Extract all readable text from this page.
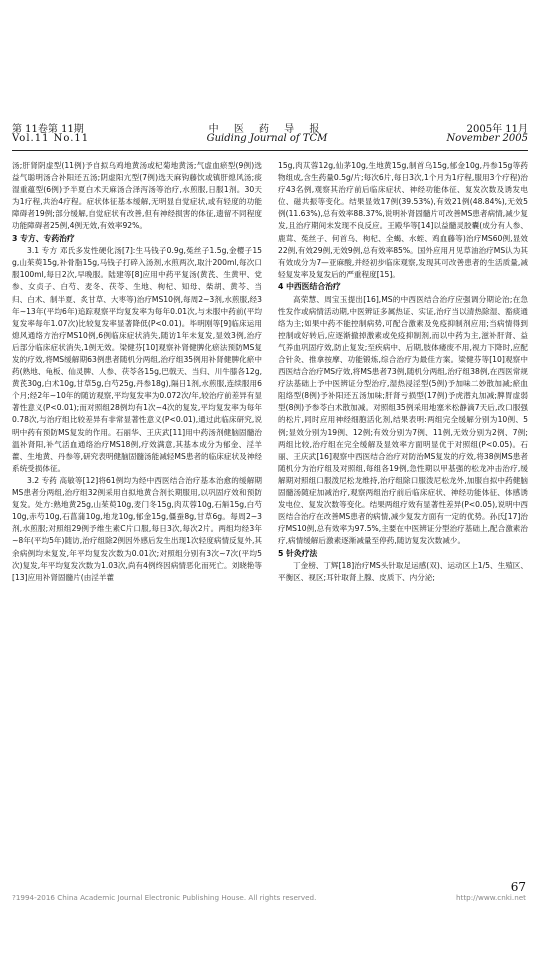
第 11卷第 11期
Vol.11 No.11
中 医 药 导 报
Guiding Journal of TCM
2005年 11月
November 2005

汤;肝肾阴虚型(11例)予自拟乌鸡地黄汤或杞菊地黄汤;气虚血瘀型(9例)选益气聪明汤合补阳还五汤;阴虚阳亢型(7例)选天麻钩藤饮或镇肝熄风汤;痰湿重蕴型(6例)予半夏白术天麻汤合泽泻汤等治疗,水煎服,日服1剂。30天为1疗程,共治4疗程。症状体征基本缓解,无明显自觉症状,或有轻度的功能障碍者19例;部分缓解,自觉症状有改善,但有神经损害的体征,遗留不同程度功能障碍者25例,4例无效,有效率92%。

3 专方、专药治疗

3.1 专方 邓氏多发性硬化汤[7]:生马钱子0.9g,菟丝子1.5g,金樱子15g,山茱萸15g,补骨脂15g,马钱子打碎入汤剂,水煎两次,取汁200ml,每次口服100ml,每日2次,早晚服。陆建等[8]应用中药平复汤(黄芪、生黄甲、党参、女贞子、白芍、麦冬、茯苓、生地、枸杞、知母、柴胡、黄芩、当归、白术、制半夏、炙甘草、大枣等)治疗MS10例,每周2~3剂,水煎服,经3年~13年(平均6年)追踪观察平均复发率为每年0.01次,与未服中药前(平均复发率每年1.07次)比较复发率显著降低(P<0.01)。毕明刚等[9]临床运用熄风通络方治疗MS10例,6例临床症状消失,随访1年未复发,显效3例,治疗后部分临床症状消失,1例无效。梁健芬[10]观察补肾健脾化瘀法预防MS复发的疗效,将MS缓解期63例患者随机分两组,治疗组35例用补肾健脾化瘀中药(熟地、龟板、仙灵脾、人参、茯苓各15g,巴戟天、当归、川牛膝各12g,黄芪30g,白术10g,甘草5g,白芍25g,丹参18g),隔日1剂,水煎服,连续服用6个月;经2年~10年的随访观察,平均复发率为0.072次/年,较治疗前差异有显著性意义(P<0.01);而对照组28例均有1次~4次的复发,平均复发率为每年0.78次,与治疗组比较差异有非常显著性意义(P<0.01),通过此临床研究,说明中药有预防MS复发的作用。石丽华、王庆武[11]用中药汤剂健脑固髓治温补肾阳,补气活血通络治疗MS18例,疗效满意,其基本成分为郁金、淫羊藿、生地黄、丹参等,研究表明健脑固髓汤能减轻MS患者的临床症状及神经系统受损体征。

3.2 专药 高敏等[12]将61例均为经中西医结合治疗基本治愈的缓解期MS患者分两组,治疗组32例采用自拟地黄合剂长期服用,以巩固疗效和预防复发。处方:熟地黄25g,山茱萸10g,麦门冬15g,肉苁蓉10g,石斛15g,白芍10g,赤芍10g,石菖蒲10g,地龙10g,郁金15g,僵蚕8g,甘草6g。每周2~3剂,水煎服;对照组29例予维生素C片口服,每日3次,每次2片。两组均经3年~8年(平均5年)随访,治疗组除2例因外感后发生出现1次轻度病情反复外,其余病例均未复发,年平均复发次数为0.01次;对照组分别有3次~7次(平均5次)复发,年平均复发次数为1.03次,尚有4例终因病情恶化而死亡。刘晓艳等[13]应用补肾固髓片(由淫羊藿

15g,肉苁蓉12g,仙茅10g,生地黄15g,制首乌15g,郁金10g,丹参15g等药物组成,含生药量0.5g/片;每次6片,每日3次,1个月为1疗程,服用3个疗程)治疗43名例,观察其治疗前后临床症状、神经功能体征、复发次数及诱发电位、磁共振等变化。结果显效17例(39.53%),有效21例(48.84%),无效5例(11.63%),总有效率88.37%,说明补肾固髓片可改善MS患者病情,减少复发,且治疗期间未发现不良反应。王殿华等[14]以益髓灵胶囊(成分有人参、鹿茸、菟丝子、何首乌、枸杞、全蝎、水蛭、鸡血藤等)治疗MS60例,显效22例,有效29例,无效9例,总有效率85%。国外应用月见草油治疗MS认为其有效成分为7—亚麻酸,并经初步临床观察,发现其可改善患者的生活质量,减轻复发率及复发后的严重程度[15]。

4 中西医结合治疗

高荣慧、周宝玉提出[16],MS的中西医结合治疗应强调分期论治;在急性发作或病情活动期,中医辨证多属热证、实证,治疗当以清热除湿、豁痰通络为主;如果中药不能控制病势,可配合激素及免疫抑制剂应用;当病情得到控制或好转后,应逐渐撤掉激素或免疫抑制剂,而以中药为主,滋补肝肾、益气养血巩固疗效,防止复发;至疾病中、后期,肢体痿废不用,视力下降时,应配合针灸、推拿按摩、功能锻炼,综合治疗为最佳方案。梁健芬等[10]观察中西医结合治疗MS疗效,将MS患者73例,随机分两组,治疗组38例,在西医常规疗法基础上予中医辨证分型治疗,湿热浸淫型(5例)予加味二妙散加减;瘀血阻络型(8例)予补阳还五汤加味;肝肾亏损型(17例)予虎潜丸加减;脾胃虚弱型(8例)予参苓白术散加减。对照组35例采用地塞米松静滴7天后,改口服强的松片,同时应用神经细胞活化剂,结果表明:两组完全缓解分别为10例、5例;显效分别为19例、12例;有效分别为7例、11例,无效分别为2例、7例;两组比较,治疗组在完全缓解及显效率方面明显优于对照组(P<0.05)。石丽、王庆武[16]观察中西医结合治疗对防治MS复发的疗效,将38例MS患者随机分为治疗组及对照组,每组各19例,急性期以甲基强的松龙冲击治疗,缓解期对照组口服泼尼松龙维持,治疗组除口服泼尼松龙外,加服自拟中药健脑固髓汤随症加减治疗,观察两组治疗前后临床症状、神经功能体征、体感诱发电位、复发次数等变化。结果两组疗效有显著性差异(P<0.05),说明中西医结合治疗在改善MS患者的病情,减少复发方面有一定的优势。孙氏[17]治疗MS10例,总有效率为97.5%,主要在中医辨证分型治疗基础上,配合激素治疗,病情缓解后激素逐渐减量至停药,随访复发次数减少。

5 针灸疗法

丁金榜、丁辉[18]治疗MS头针取足运感(双)、运动区上1/5、生殖区、平衡区、视区;耳针取肾上腺、皮质下、内分泌;

67
?1994-2016 China Academic Journal Electronic Publishing House. All rights reserved.	http://www.cnki.net
